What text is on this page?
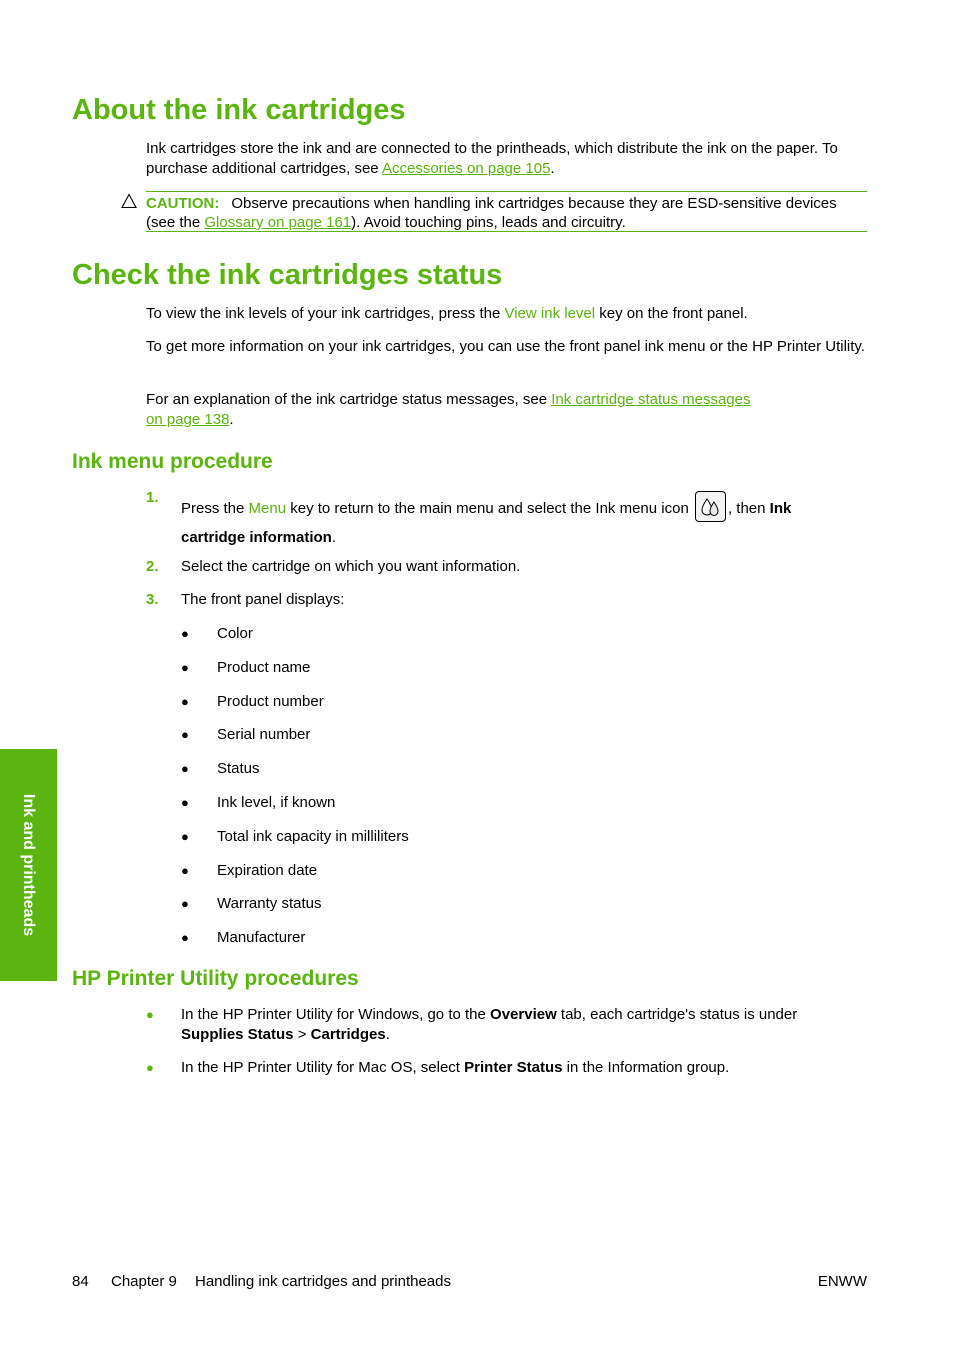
About the ink cartridges

Ink cartridges store the ink and are connected to the printheads, which distribute the ink on the paper. To purchase additional cartridges, see Accessories on page 105.

CAUTION: Observe precautions when handling ink cartridges because they are ESD-sensitive devices (see the Glossary on page 161). Avoid touching pins, leads and circuitry.

Check the ink cartridges status

To view the ink levels of your ink cartridges, press the View ink level key on the front panel.

To get more information on your ink cartridges, you can use the front panel ink menu or the HP Printer Utility.

For an explanation of the ink cartridge status messages, see Ink cartridge status messages
on page 138.

Ink menu procedure
1.
Press the Menu key to return to the main menu and select the Ink menu icon
, then Ink
cartridge information.
2. Select the cartridge on which you want information.
3. The front panel displays:
● Color
● Product name
● Product number
● Serial number
● Status
● Ink level, if known
● Total ink capacity in milliliters
● Expiration date
● Warranty status
● Manufacturer
HP Printer Utility procedures
● In the HP Printer Utility for Windows, go to the Overview tab, each cartridge's status is under
Supplies Status > Cartridges.
● In the HP Printer Utility for Mac OS, select Printer Status in the Information group.
Ink and printheads
84 Chapter 9 Handling ink cartridges and printheads	ENWW
